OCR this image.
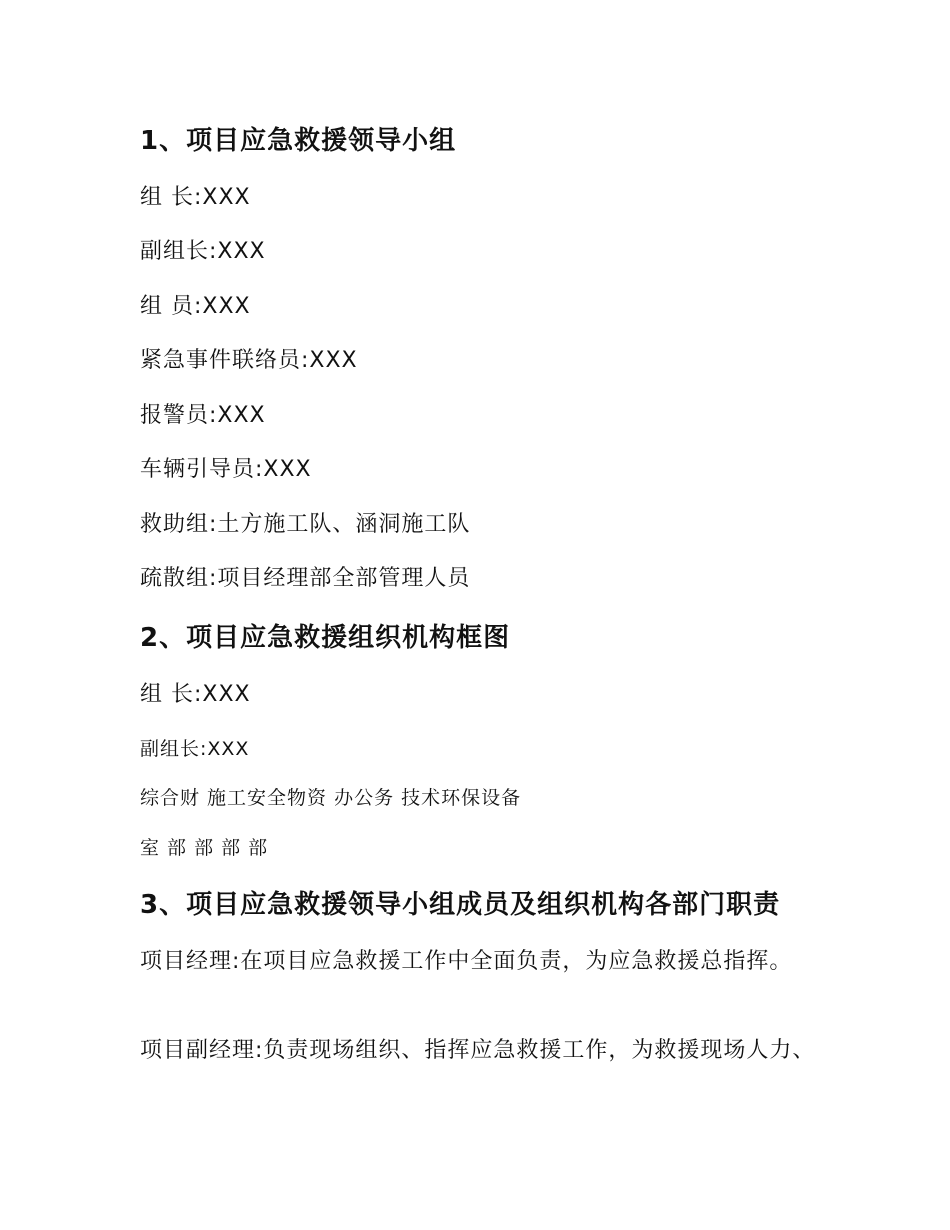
1、项目应急救援领导小组

组 长:XXX

副组长:XXX

组 员:XXX

紧急事件联络员:XXX

报警员:XXX

车辆引导员:XXX

救助组:土方施工队、涵洞施工队

疏散组:项目经理部全部管理人员

2、项目应急救援组织机构框图

组 长:XXX

副组长:XXX

综合财 施工安全物资 办公务 技术环保设备

室 部 部 部 部

3、项目应急救援领导小组成员及组织机构各部门职责

项目经理:在项目应急救援工作中全面负责，为应急救援总指挥。

项目副经理:负责现场组织、指挥应急救援工作，为救援现场人力、
